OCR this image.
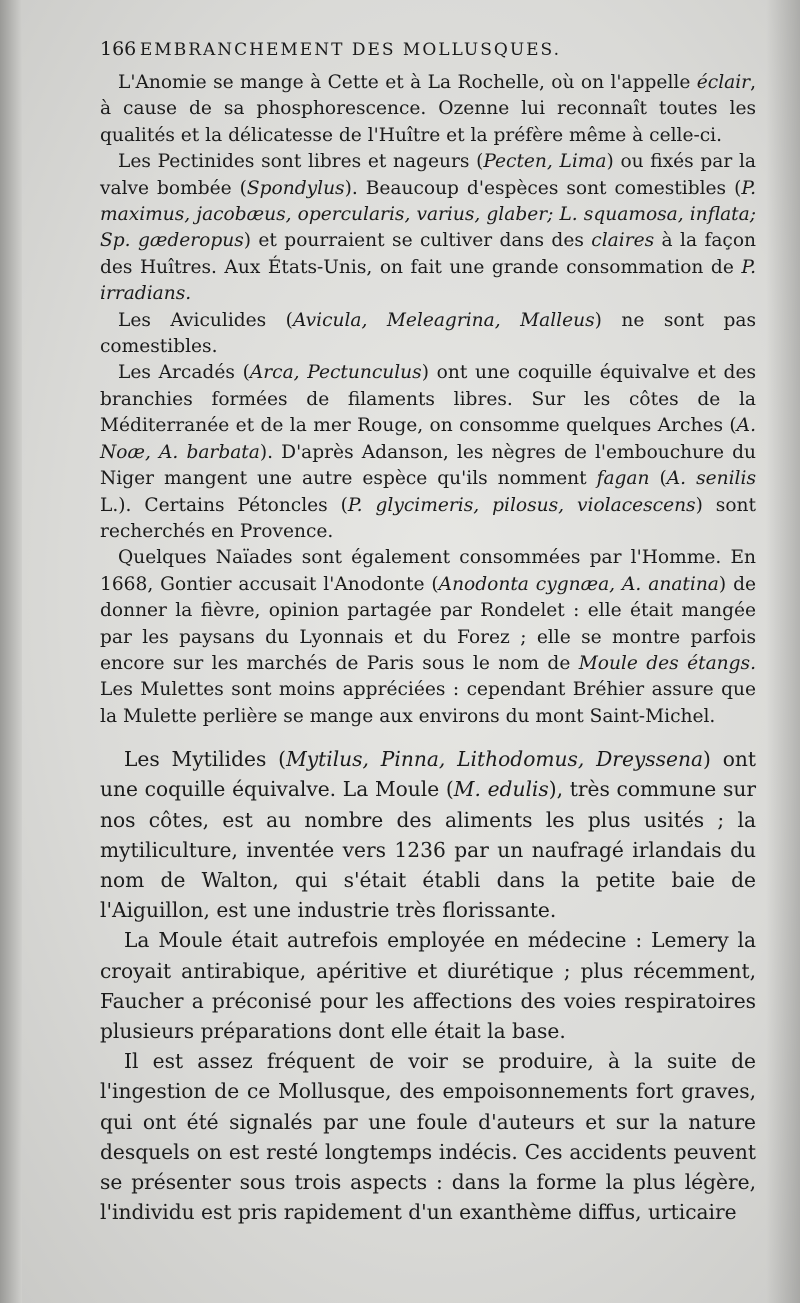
166 EMBRANCHEMENT DES MOLLUSQUES.

L'Anomie se mange à Cette et à La Rochelle, où on l'appelle éclair, à cause de sa phosphorescence. Ozenne lui reconnaît toutes les qualités et la délicatesse de l'Huître et la préfère même à celle-ci.

Les Pectinides sont libres et nageurs (Pecten, Lima) ou fixés par la valve bombée (Spondylus). Beaucoup d'espèces sont comestibles (P. maximus, jacobæus, opercularis, varius, glaber; L. squamosa, inflata; Sp. gæderopus) et pourraient se cultiver dans des claires à la façon des Huîtres. Aux États-Unis, on fait une grande consommation de P. irradians.

Les Aviculides (Avicula, Meleagrina, Malleus) ne sont pas comestibles.

Les Arcadés (Arca, Pectunculus) ont une coquille équivalve et des branchies formées de filaments libres. Sur les côtes de la Méditerranée et de la mer Rouge, on consomme quelques Arches (A. Noæ, A. barbata). D'après Adanson, les nègres de l'embouchure du Niger mangent une autre espèce qu'ils nomment fagan (A. senilis L.). Certains Pétoncles (P. glycimeris, pilosus, violacescens) sont recherchés en Provence.

Quelques Naïades sont également consommées par l'Homme. En 1668, Gontier accusait l'Anodonte (Anodonta cygnæa, A. anatina) de donner la fièvre, opinion partagée par Rondelet : elle était mangée par les paysans du Lyonnais et du Forez ; elle se montre parfois encore sur les marchés de Paris sous le nom de Moule des étangs. Les Mulettes sont moins appréciées : cependant Bréhier assure que la Mulette perlière se mange aux environs du mont Saint-Michel.

Les Mytilides (Mytilus, Pinna, Lithodomus, Dreyssena) ont une coquille équivalve. La Moule (M. edulis), très commune sur nos côtes, est au nombre des aliments les plus usités ; la mytiliculture, inventée vers 1236 par un naufragé irlandais du nom de Walton, qui s'était établi dans la petite baie de l'Aiguillon, est une industrie très florissante.

La Moule était autrefois employée en médecine : Lemery la croyait antirabique, apéritive et diurétique ; plus récemment, Faucher a préconisé pour les affections des voies respiratoires plusieurs préparations dont elle était la base.

Il est assez fréquent de voir se produire, à la suite de l'ingestion de ce Mollusque, des empoisonnements fort graves, qui ont été signalés par une foule d'auteurs et sur la nature desquels on est resté longtemps indécis. Ces accidents peuvent se présenter sous trois aspects : dans la forme la plus légère, l'individu est pris rapidement d'un exanthème diffus, urticaire
